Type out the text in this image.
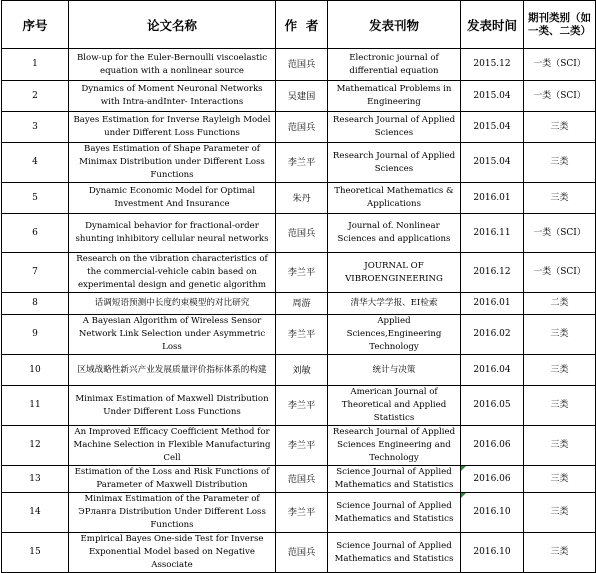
序号	论文名称	作  者	发表刊物	发表时间	期刊类别（如一类、二类）
1	Blow-up for the Euler-Bernoulli viscoelastic equation with a nonlinear source	范国兵	Electronic journal of differential equation	2015.12	一类（SCI）
2	Dynamics of Moment Neuronal Networks with Intra-andInter- Interactions	吴建国	Mathematical Problems in Engineering	2015.04	一类（SCI）
3	Bayes Estimation for Inverse Rayleigh Model under Different Loss Functions	范国兵	Research Journal of Applied Sciences	2015.04	三类
4	Bayes Estimation of Shape Parameter of Minimax Distribution under Different Loss Functions	李兰平	Research Journal of Applied Sciences	2015.04	三类
5	Dynamic Economic Model for Optimal Investment And Insurance	朱丹	Theoretical Mathematics & Applications	2016.01	三类
6	Dynamical behavior for fractional-order shunting inhibitory cellular neural networks	范国兵	Journal of. Nonlinear Sciences and applications	2016.11	一类（SCI）
7	Research on the vibration characteristics of the commercial-vehicle cabin based on experimental design and genetic algorithm	李兰平	JOURNAL OF VIBROENGINEERING	2016.12	一类（SCI）
8	话调短语预测中长度约束模型的对比研究	周游	清华大学学报、EI检索	2016.01	二类
9	A Bayesian Algorithm of Wireless Sensor Network Link Selection under Asymmetric Loss	李兰平	Applied Sciences,Engineering Technology	2016.02	三类
10	区域战略性新兴产业发展质量评价指标体系的构建	刘敏	统计与决策	2016.04	三类
11	Minimax Estimation of Maxwell Distribution Under Different Loss Functions	李兰平	American Journal of Theoretical and Applied Statistics	2016.05	三类
12	An Improved Efficacy Coefficient Method for Machine Selection in Flexible Manufacturing Cell	李兰平	Research Journal of Applied Sciences Engineering and Technology	2016.06	三类
13	Estimation of the Loss and Risk Functions of Parameter of Maxwell Distribution	范国兵	Science Journal of Applied Mathematics and Statistics	2016.06	三类
14	Minimax Estimation of the Parameter of ЭРланга Distribution Under Different Loss Functions	李兰平	Science Journal of Applied Mathematics and Statistics	2016.10	三类
15	Empirical Bayes One-side Test for Inverse Exponential Model based on Negative Associate	范国兵	Science Journal of Applied Mathematics and Statistics	2016.10	三类
